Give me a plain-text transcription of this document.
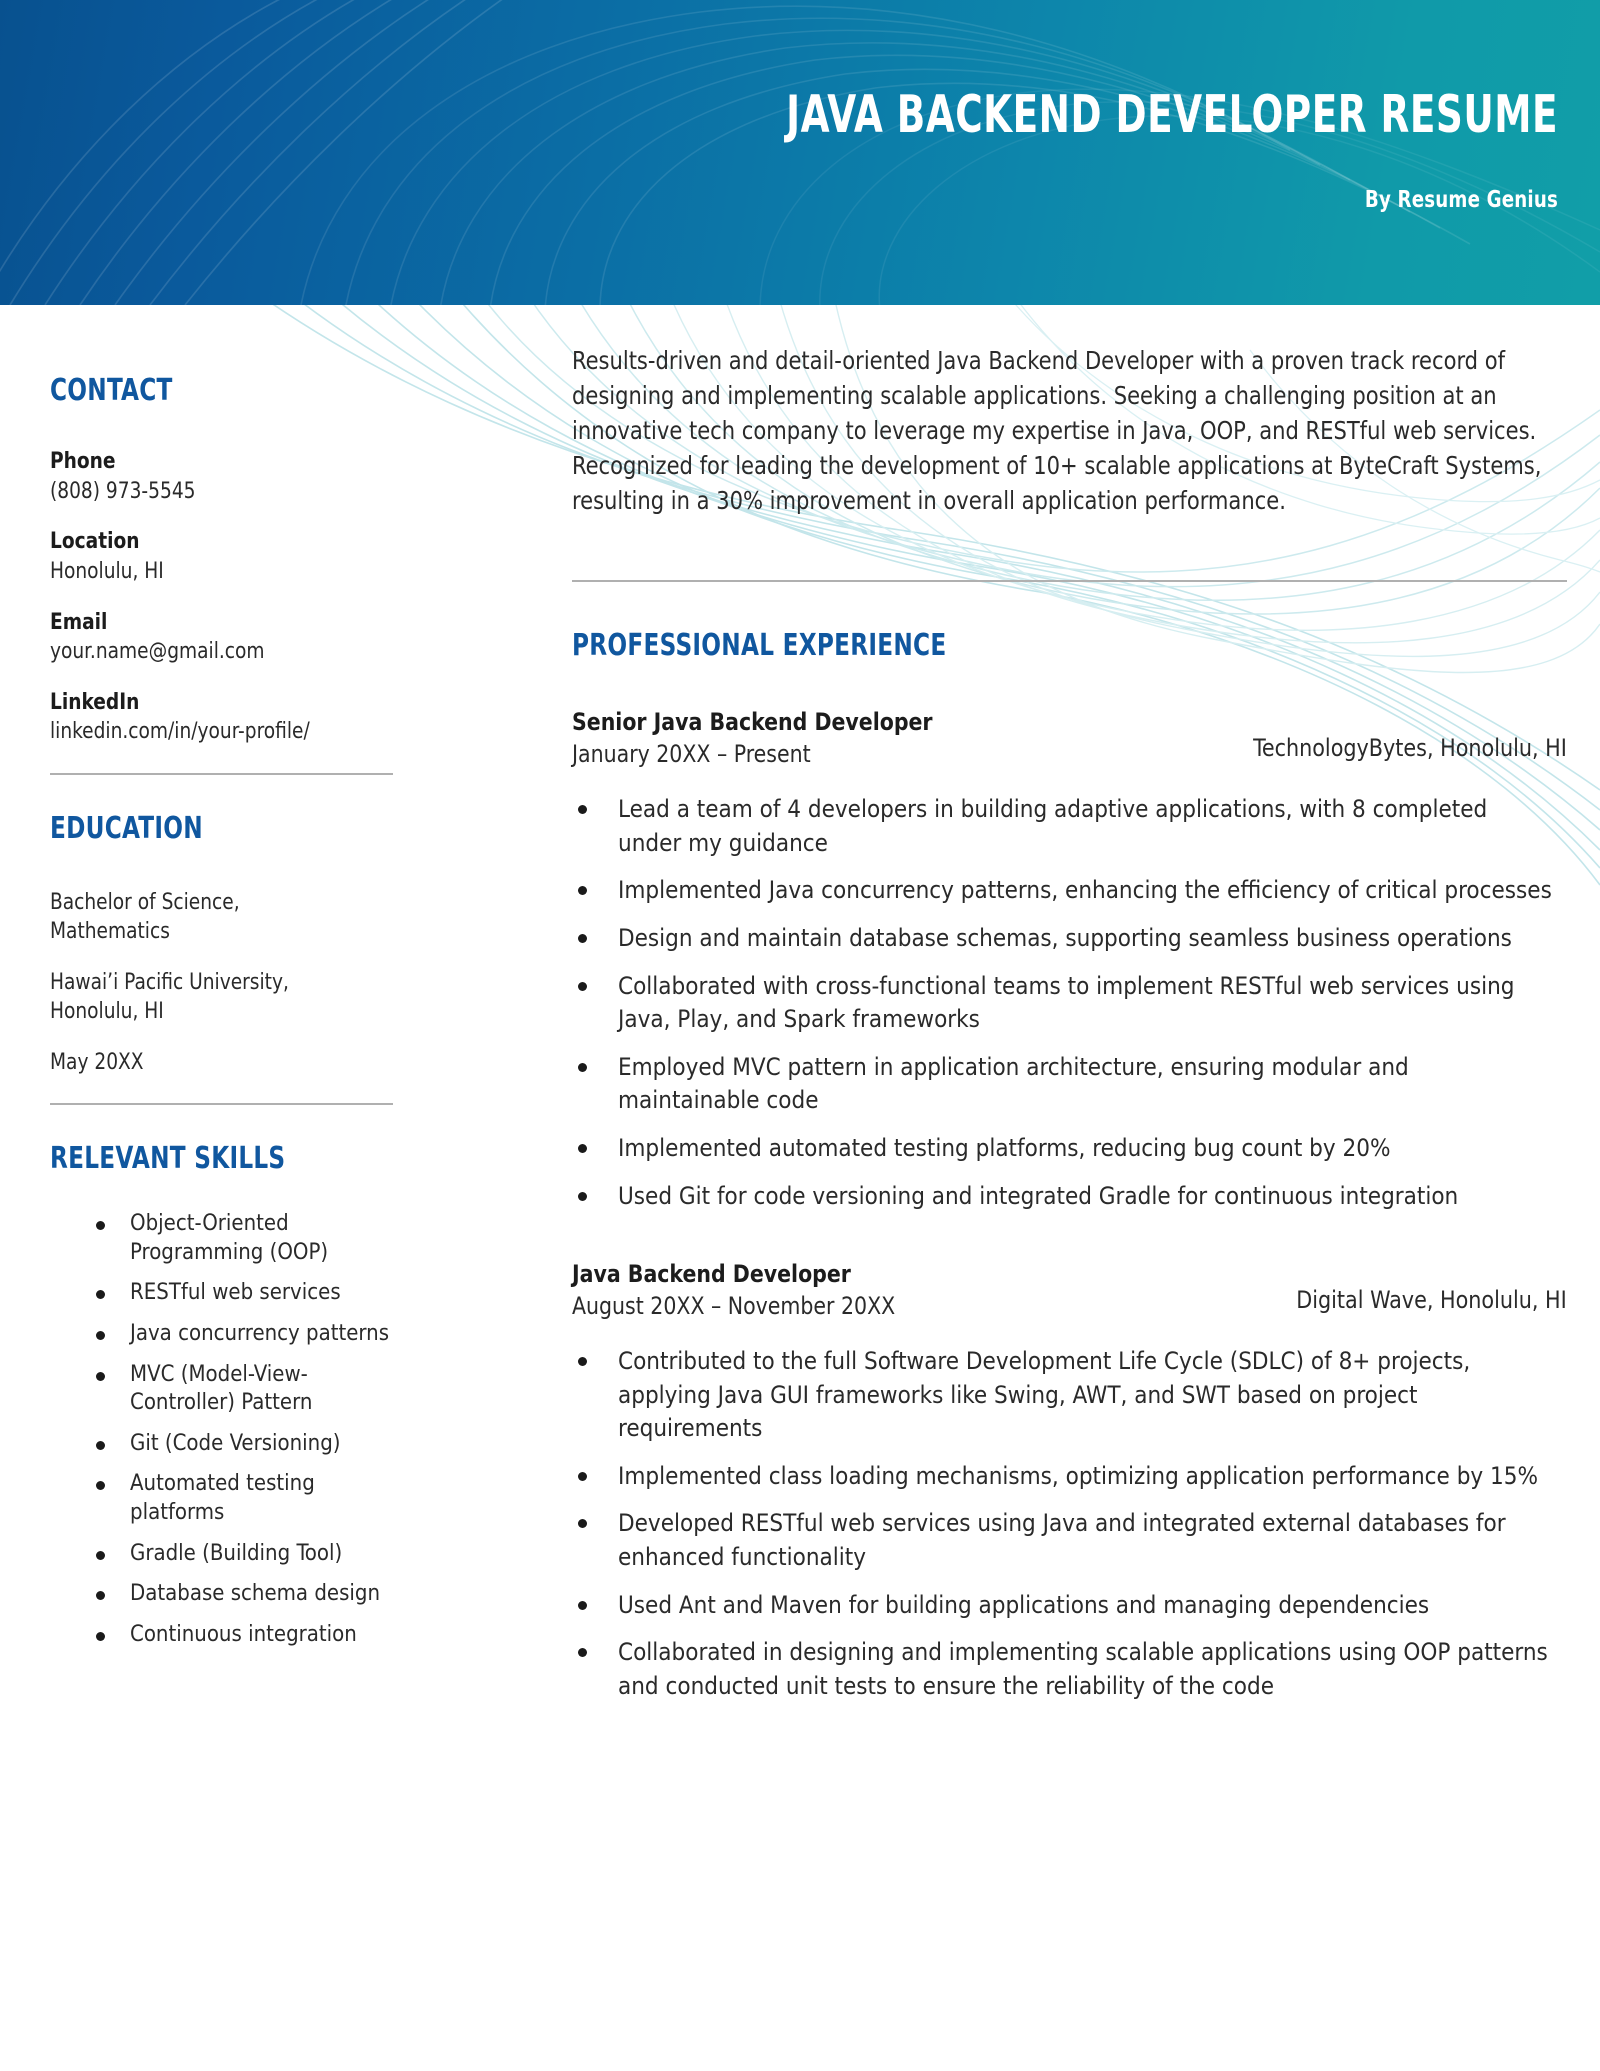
JAVA BACKEND DEVELOPER RESUME
By Resume Genius
CONTACT
Phone
(808) 973-5545
Location
Honolulu, HI
Email
your.name@gmail.com
LinkedIn
linkedin.com/in/your-profile/
EDUCATION
Bachelor of Science,
Mathematics
Hawai’i Pacific University,
Honolulu, HI
May 20XX
RELEVANT SKILLS
Object-Oriented Programming (OOP)
RESTful web services
Java concurrency patterns
MVC (Model-View-Controller) Pattern
Git (Code Versioning)
Automated testing platforms
Gradle (Building Tool)
Database schema design
Continuous integration
Results-driven and detail-oriented Java Backend Developer with a proven track record of designing and implementing scalable applications. Seeking a challenging position at an innovative tech company to leverage my expertise in Java, OOP, and RESTful web services. Recognized for leading the development of 10+ scalable applications at ByteCraft Systems, resulting in a 30% improvement in overall application performance.
PROFESSIONAL EXPERIENCE
Senior Java Backend Developer
January 20XX – Present	TechnologyBytes, Honolulu, HI
Lead a team of 4 developers in building adaptive applications, with 8 completed under my guidance
Implemented Java concurrency patterns, enhancing the efficiency of critical processes
Design and maintain database schemas, supporting seamless business operations
Collaborated with cross-functional teams to implement RESTful web services using Java, Play, and Spark frameworks
Employed MVC pattern in application architecture, ensuring modular and maintainable code
Implemented automated testing platforms, reducing bug count by 20%
Used Git for code versioning and integrated Gradle for continuous integration
Java Backend Developer
August 20XX – November 20XX	Digital Wave, Honolulu, HI
Contributed to the full Software Development Life Cycle (SDLC) of 8+ projects, applying Java GUI frameworks like Swing, AWT, and SWT based on project requirements
Implemented class loading mechanisms, optimizing application performance by 15%
Developed RESTful web services using Java and integrated external databases for enhanced functionality
Used Ant and Maven for building applications and managing dependencies
Collaborated in designing and implementing scalable applications using OOP patterns and conducted unit tests to ensure the reliability of the code
